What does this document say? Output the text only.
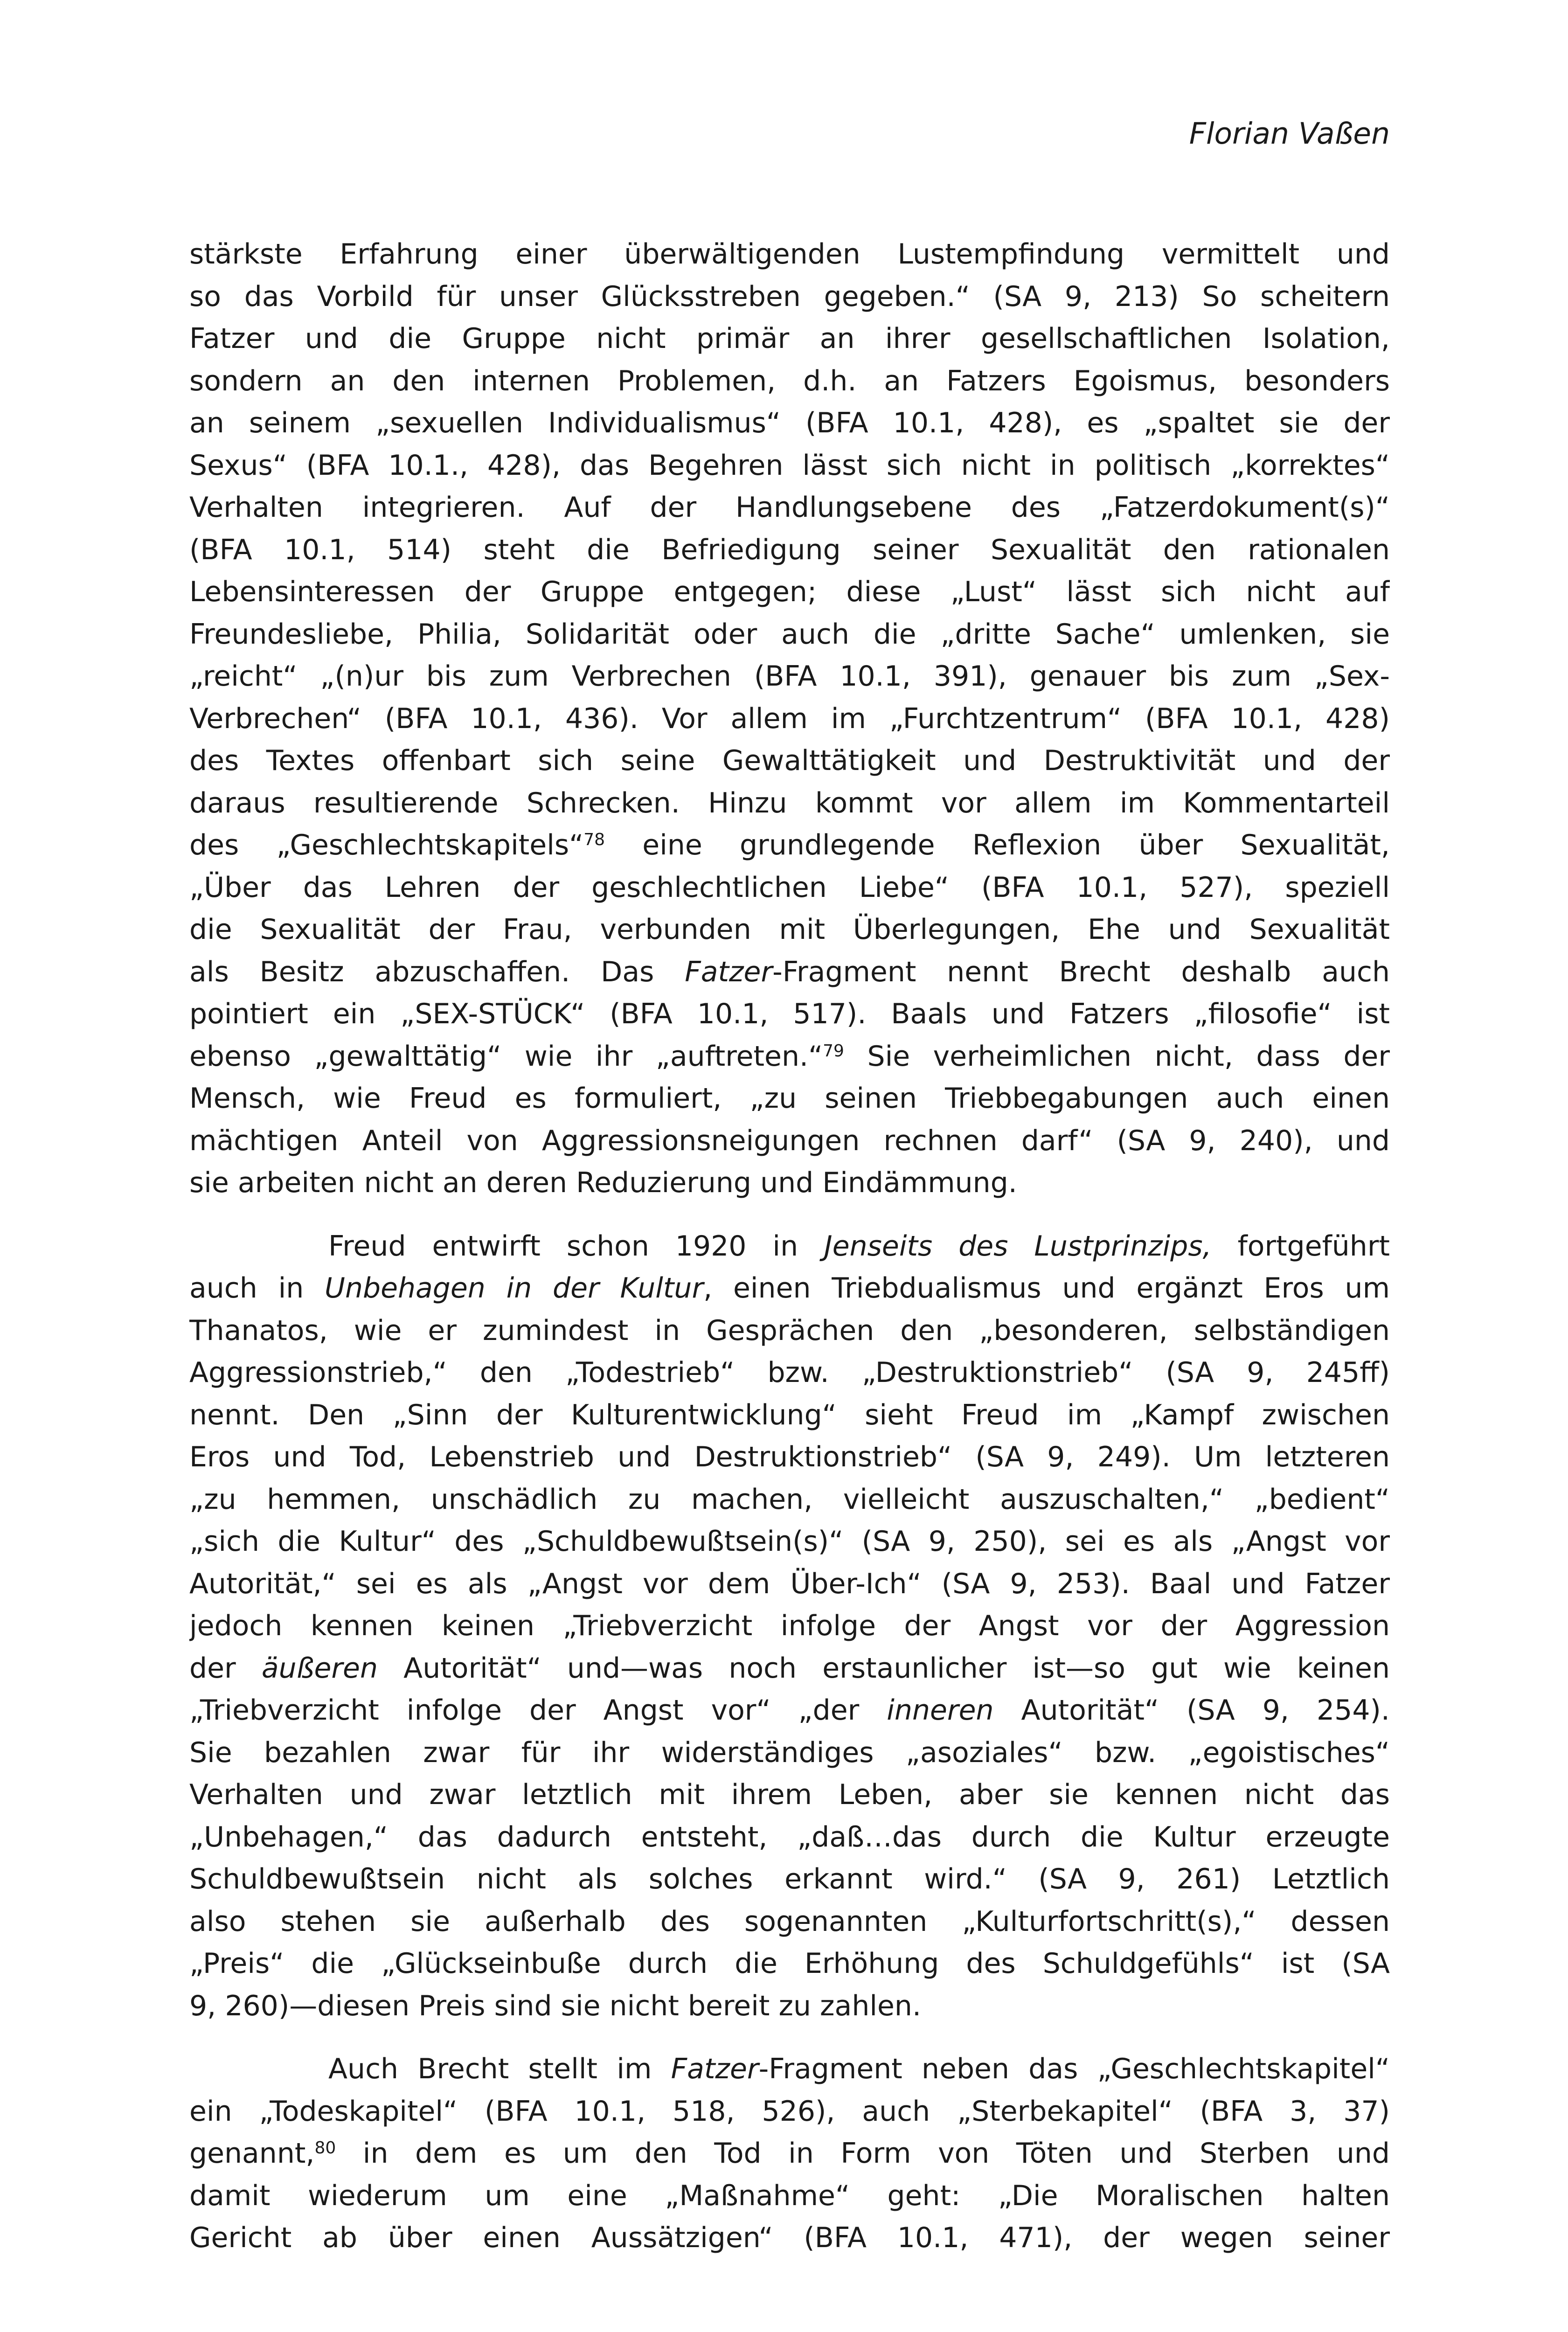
Florian Vaßen
stärkste Erfahrung einer überwältigenden Lustempfindung vermittelt und
so das Vorbild für unser Glücksstreben gegeben.“ (SA 9, 213) So scheitern
Fatzer und die Gruppe nicht primär an ihrer gesellschaftlichen Isolation,
sondern an den internen Problemen, d.h. an Fatzers Egoismus, besonders
an seinem „sexuellen Individualismus“ (BFA 10.1, 428), es „spaltet sie der
Sexus“ (BFA 10.1., 428), das Begehren lässt sich nicht in politisch „korrektes“
Verhalten integrieren. Auf der Handlungsebene des „Fatzerdokument(s)“
(BFA 10.1, 514) steht die Befriedigung seiner Sexualität den rationalen
Lebensinteressen der Gruppe entgegen; diese „Lust“ lässt sich nicht auf
Freundesliebe, Philia, Solidarität oder auch die „dritte Sache“ umlenken, sie
„reicht“ „(n)ur bis zum Verbrechen (BFA 10.1, 391), genauer bis zum „Sex-
Verbrechen“ (BFA 10.1, 436). Vor allem im „Furchtzentrum“ (BFA 10.1, 428)
des Textes offenbart sich seine Gewalttätigkeit und Destruktivität und der
daraus resultierende Schrecken. Hinzu kommt vor allem im Kommentarteil
des „Geschlechtskapitels“$^{78}$ eine grundlegende Reflexion über Sexualität,
„Über das Lehren der geschlechtlichen Liebe“ (BFA 10.1, 527), speziell
die Sexualität der Frau, verbunden mit Überlegungen, Ehe und Sexualität
als Besitz abzuschaffen. Das Fatzer-Fragment nennt Brecht deshalb auch
pointiert ein „SEX-STÜCK“ (BFA 10.1, 517). Baals und Fatzers „filosofie“ ist
ebenso „gewalttätig“ wie ihr „auftreten.“$^{79}$ Sie verheimlichen nicht, dass der
Mensch, wie Freud es formuliert, „zu seinen Triebbegabungen auch einen
mächtigen Anteil von Aggressionsneigungen rechnen darf“ (SA 9, 240), und
sie arbeiten nicht an deren Reduzierung und Eindämmung.
Freud entwirft schon 1920 in Jenseits des Lustprinzips, fortgeführt
auch in Unbehagen in der Kultur, einen Triebdualismus und ergänzt Eros um
Thanatos, wie er zumindest in Gesprächen den „besonderen, selbständigen
Aggressionstrieb,“ den „Todestrieb“ bzw. „Destruktionstrieb“ (SA 9, 245ff)
nennt. Den „Sinn der Kulturentwicklung“ sieht Freud im „Kampf zwischen
Eros und Tod, Lebenstrieb und Destruktionstrieb“ (SA 9, 249). Um letzteren
„zu hemmen, unschädlich zu machen, vielleicht auszuschalten,“ „bedient“
„sich die Kultur“ des „Schuldbewußtsein(s)“ (SA 9, 250), sei es als „Angst vor
Autorität,“ sei es als „Angst vor dem Über-Ich“ (SA 9, 253). Baal und Fatzer
jedoch kennen keinen „Triebverzicht infolge der Angst vor der Aggression
der äußeren Autorität“ und—was noch erstaunlicher ist—so gut wie keinen
„Triebverzicht infolge der Angst vor“ „der inneren Autorität“ (SA 9, 254).
Sie bezahlen zwar für ihr widerständiges „asoziales“ bzw. „egoistisches“
Verhalten und zwar letztlich mit ihrem Leben, aber sie kennen nicht das
„Unbehagen,“ das dadurch entsteht, „daß…das durch die Kultur erzeugte
Schuldbewußtsein nicht als solches erkannt wird.“ (SA 9, 261) Letztlich
also stehen sie außerhalb des sogenannten „Kulturfortschritt(s),“ dessen
„Preis“ die „Glückseinbuße durch die Erhöhung des Schuldgefühls“ ist (SA
9, 260)—diesen Preis sind sie nicht bereit zu zahlen.
Auch Brecht stellt im Fatzer-Fragment neben das „Geschlechtskapitel“
ein „Todeskapitel“ (BFA 10.1, 518, 526), auch „Sterbekapitel“ (BFA 3, 37)
genannt,$^{80}$ in dem es um den Tod in Form von Töten und Sterben und
damit wiederum um eine „Maßnahme“ geht: „Die Moralischen halten
Gericht ab über einen Aussätzigen“ (BFA 10.1, 471), der wegen seiner
